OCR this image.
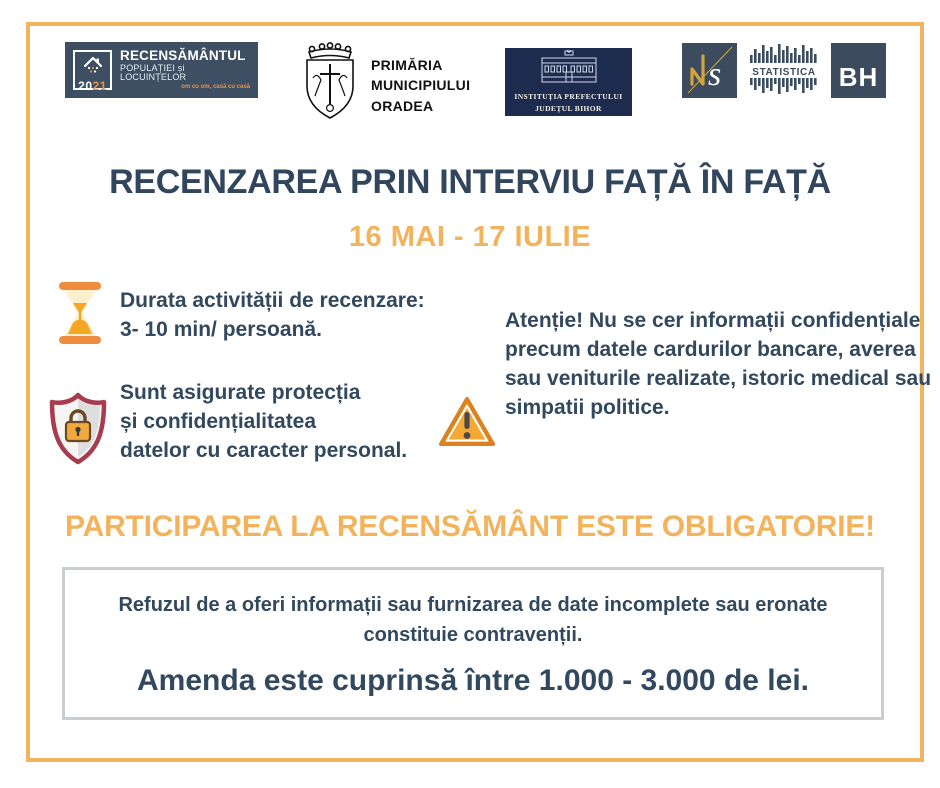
2021
RECENSĂMÂNTUL
POPULAȚIEI și LOCUINȚELOR
om cu om, casă cu casă
PRIMĂRIA
MUNICIPIULUI
ORADEA
INSTITUȚIA PREFECTULUI
JUDEȚUL BIHOR
s	STATISTICA BH
RECENZAREA PRIN INTERVIU FAȚĂ ÎN FAȚĂ
16 MAI - 17 IULIE
Durata activității de recenzare:
3- 10 min/ persoană.
Sunt asigurate protecția
și confidențialitatea
datelor cu caracter personal.
Atenție! Nu se cer informații confidențiale precum datele cardurilor bancare, averea sau veniturile realizate, istoric medical sau simpatii politice.
PARTICIPAREA LA RECENSĂMÂNT ESTE OBLIGATORIE!
Refuzul de a oferi informații sau furnizarea de date incomplete sau eronate constituie contravenții.
Amenda este cuprinsă între 1.000 - 3.000 de lei.
